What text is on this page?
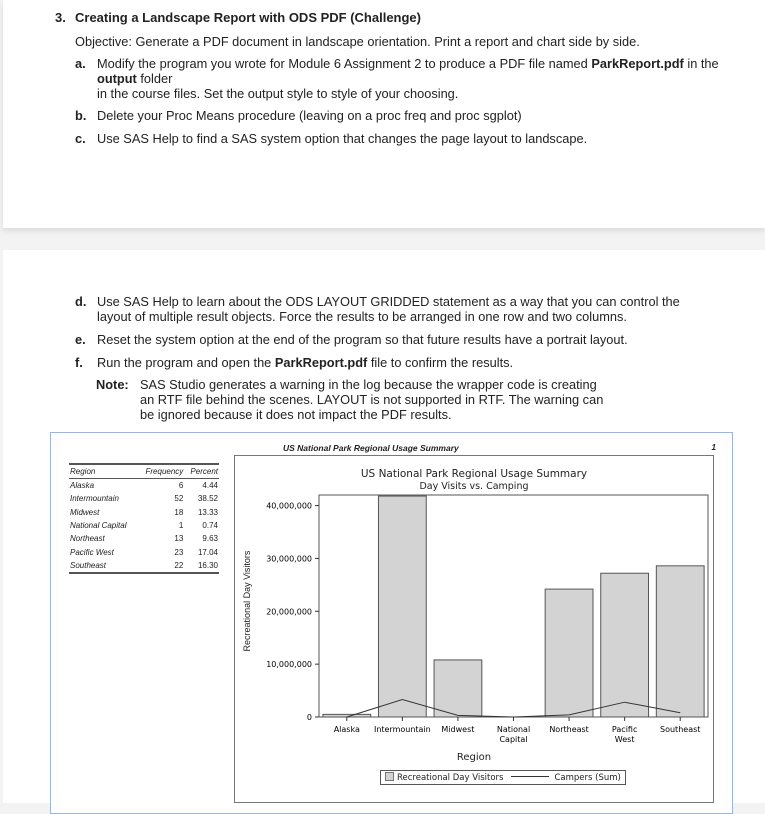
3. Creating a Landscape Report with ODS PDF (Challenge)
Objective: Generate a PDF document in landscape orientation. Print a report and chart side by side.
a. Modify the program you wrote for Module 6 Assignment 2 to produce a PDF file named ParkReport.pdf in the output folder
in the course files. Set the output style to style of your choosing.
b. Delete your Proc Means procedure (leaving on a proc freq and proc sgplot)
c. Use SAS Help to find a SAS system option that changes the page layout to landscape.
d. Use SAS Help to learn about the ODS LAYOUT GRIDDED statement as a way that you can control the
layout of multiple result objects. Force the results to be arranged in one row and two columns.
e. Reset the system option at the end of the program so that future results have a portrait layout.
f. Run the program and open the ParkReport.pdf file to confirm the results.
Note: SAS Studio generates a warning in the log because the wrapper code is creating
an RTF file behind the scenes. LAYOUT is not supported in RTF. The warning can
be ignored because it does not impact the PDF results.
US National Park Regional Usage Summary	1
Region	Frequency	Percent
Alaska	6	4.44
Intermountain	52	38.52
Midwest	18	13.33
National Capital	1	0.74
Northeast	13	9.63
Pacific West	23	17.04
Southeast	22	16.30
US National Park Regional Usage Summary
Day Visits vs. Camping
Recreational Day Visitors
0
10,000,000
20,000,000
30,000,000
40,000,000
Alaska Intermountain Midwest	National
Capital
Northeast	Pacific
West
Southeast
Region
Recreational Day Visitors	Campers (Sum)
